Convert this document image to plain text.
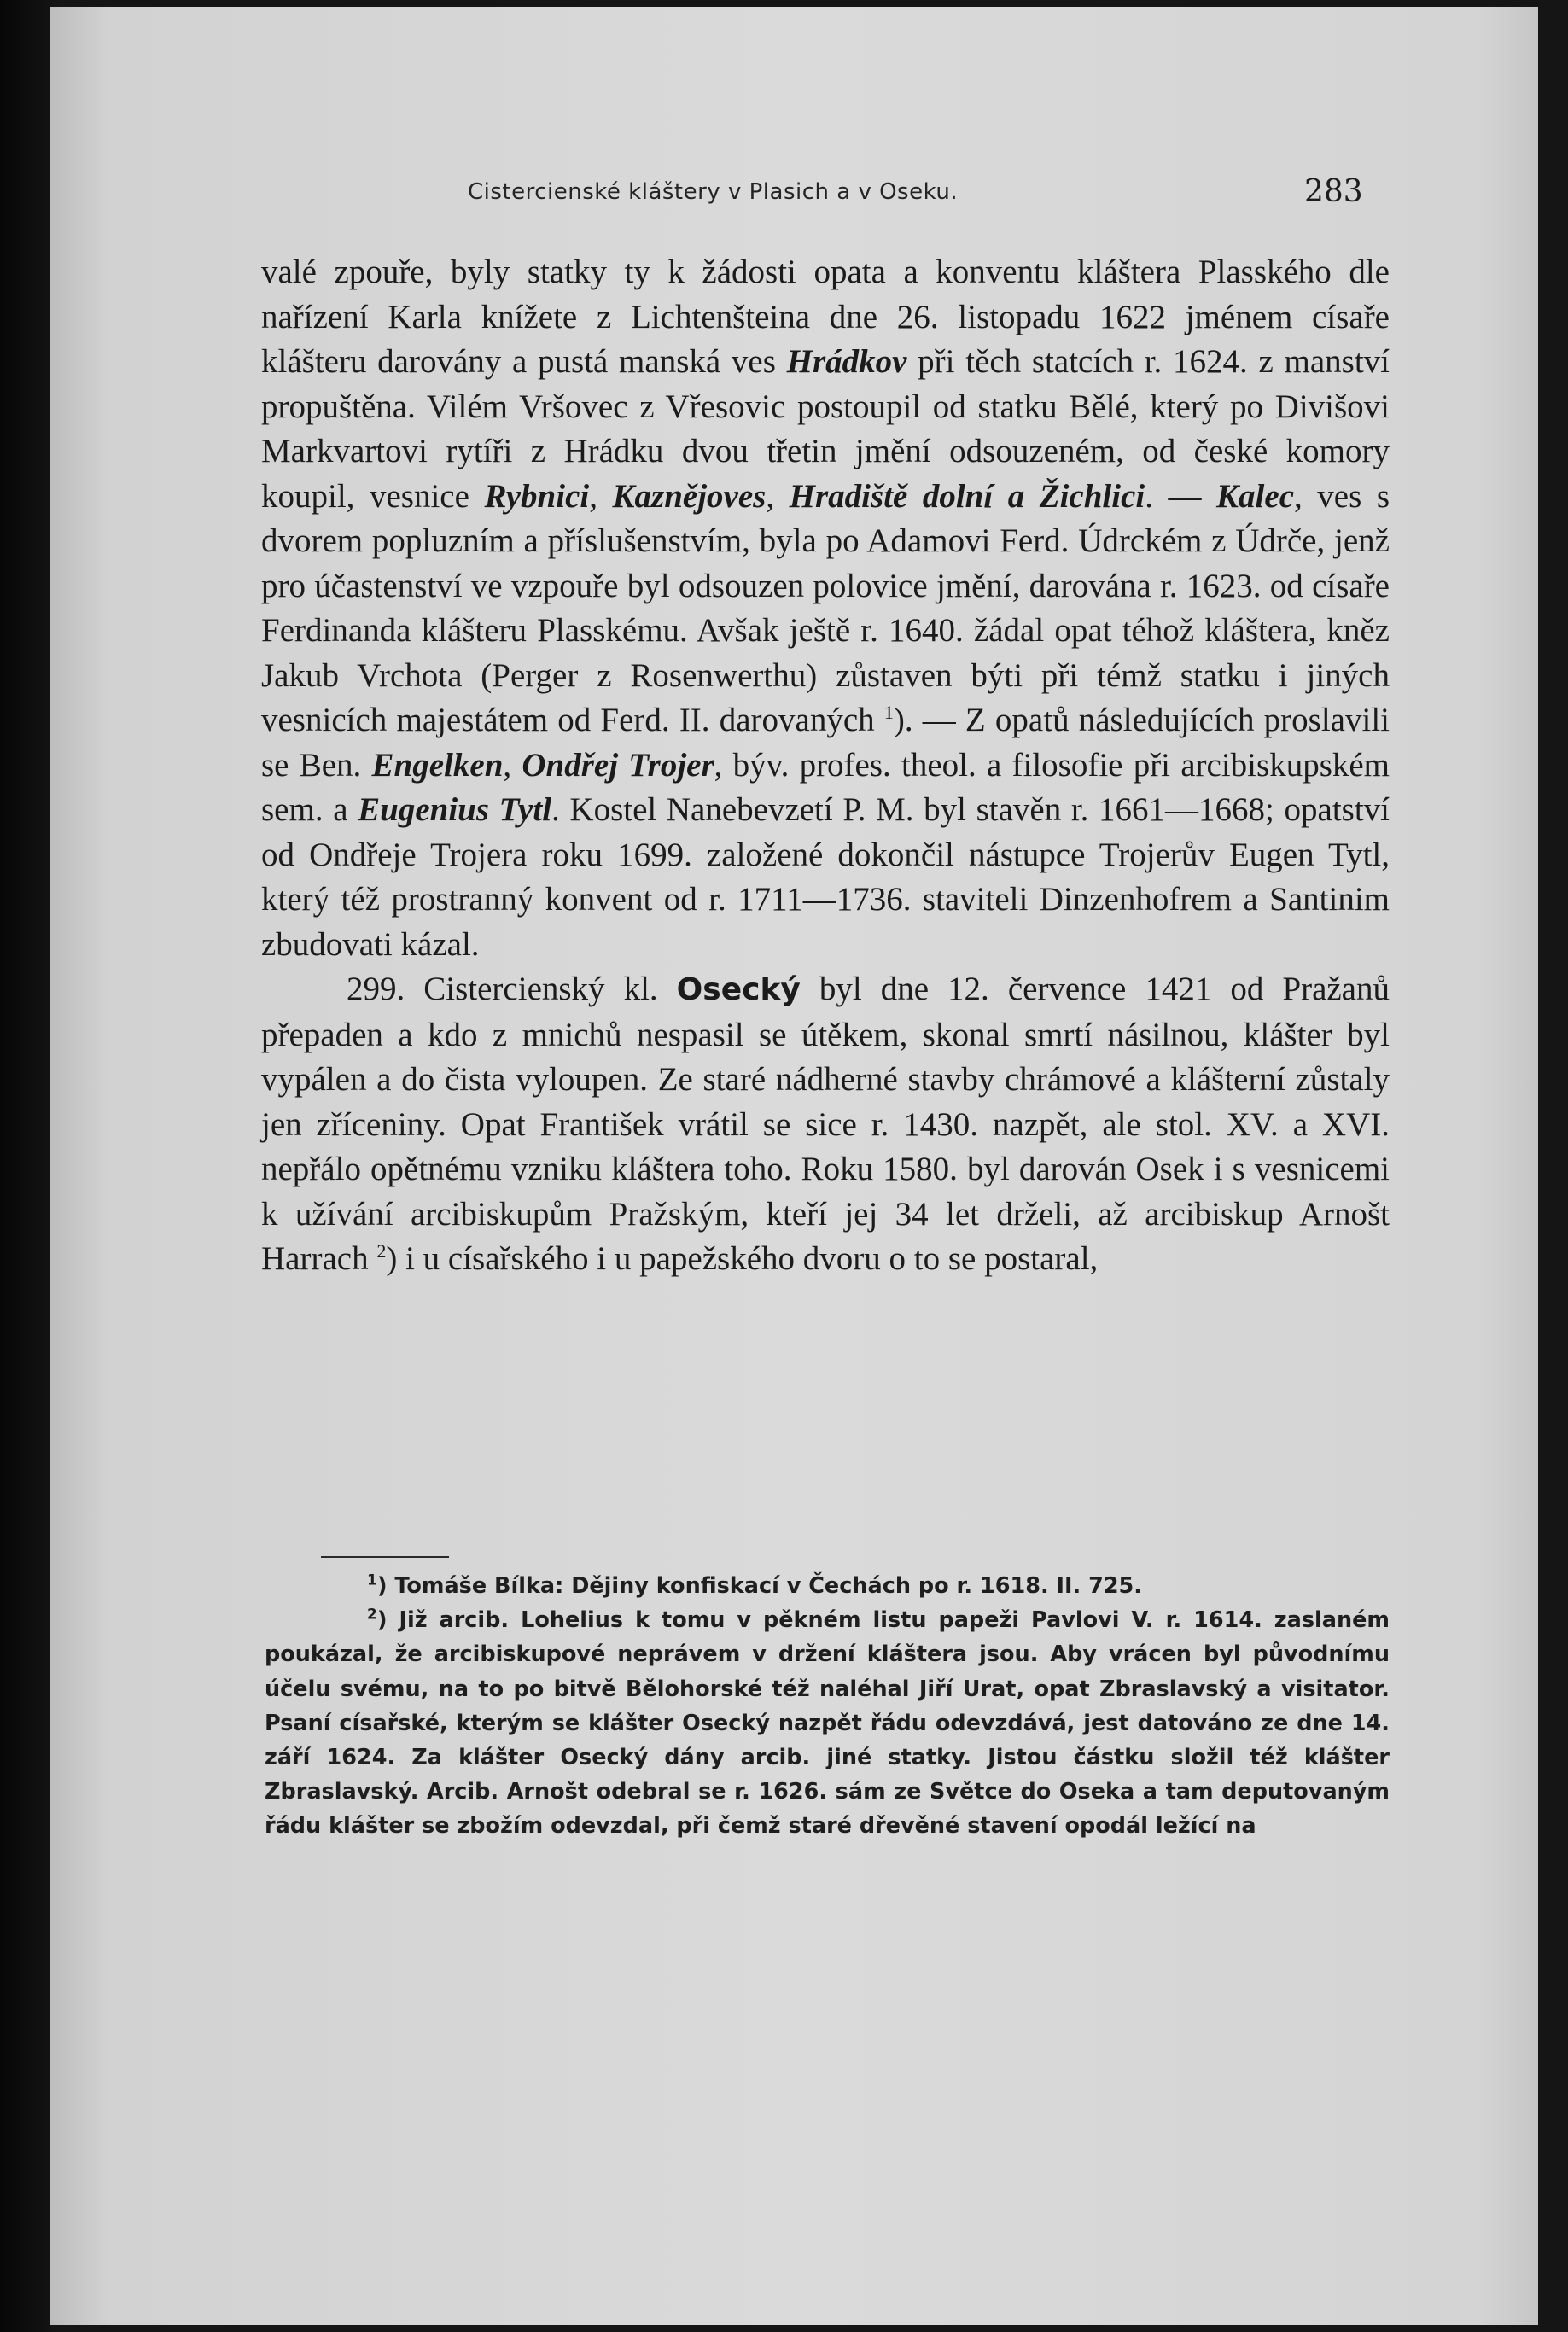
Cistercienské kláštery v Plasich a v Oseku.	283

valé zpouře, byly statky ty k žádosti opata a konventu kláštera Plasského dle nařízení Karla knížete z Lichtenšteina dne 26. listopadu 1622 jménem císaře klášteru darovány a pustá manská ves Hrádkov při těch statcích r. 1624. z manství propuštěna. Vilém Vršovec z Vřesovic postoupil od statku Bělé, který po Divišovi Markvartovi rytíři z Hrádku dvou třetin jmění odsouzeném, od české komory koupil, vesnice Rybnici, Kaznějoves, Hradiště dolní a Žichlici. — Kalec, ves s dvorem popluzním a příslušenstvím, byla po Adamovi Ferd. Údrckém z Údrče, jenž pro účastenství ve vzpouře byl odsouzen polovice jmění, darována r. 1623. od císaře Ferdinanda klášteru Plasskému. Avšak ještě r. 1640. žádal opat téhož kláštera, kněz Jakub Vrchota (Perger z Rosenwerthu) zůstaven býti při témž statku i jiných vesnicích majestátem od Ferd. II. darovaných $^1$). — Z opatů následujících proslavili se Ben. Engelken, Ondřej Trojer, býv. profes. theol. a filosofie při arcibiskupském sem. a Eugenius Tytl. Kostel Nanebevzetí P. M. byl stavěn r. 1661—1668; opatství od Ondřeje Trojera roku 1699. založené dokončil nástupce Trojerův Eugen Tytl, který též prostranný konvent od r. 1711—1736. staviteli Dinzenhofrem a Santinim zbudovati kázal.

299. Cistercienský kl. Osecký byl dne 12. července 1421 od Pražanů přepaden a kdo z mnichů nespasil se útěkem, skonal smrtí násilnou, klášter byl vypálen a do čista vyloupen. Ze staré nádherné stavby chrámové a klášterní zůstaly jen zříceniny. Opat František vrátil se sice r. 1430. nazpět, ale stol. XV. a XVI. nepřálo opětnému vzniku kláštera toho. Roku 1580. byl darován Osek i s vesnicemi k užívání arcibiskupům Pražským, kteří jej 34 let drželi, až arcibiskup Arnošt Harrach $^2$) i u císařského i u papežského dvoru o to se postaral,

$^1$) Tomáše Bílka: Dějiny konfiskací v Čechách po r. 1618. II. 725.

$^2$) Již arcib. Lohelius k tomu v pěkném listu papeži Pavlovi V. r. 1614. zaslaném poukázal, že arcibiskupové neprávem v držení kláštera jsou. Aby vrácen byl původnímu účelu svému, na to po bitvě Bělohorské též naléhal Jiří Urat, opat Zbraslavský a visitator. Psaní císařské, kterým se klášter Osecký nazpět řádu odevzdává, jest datováno ze dne 14. září 1624. Za klášter Osecký dány arcib. jiné statky. Jistou částku složil též klášter Zbraslavský. Arcib. Arnošt odebral se r. 1626. sám ze Světce do Oseka a tam deputovaným řádu klášter se zbožím odevzdal, při čemž staré dřevěné stavení opodál ležící na
